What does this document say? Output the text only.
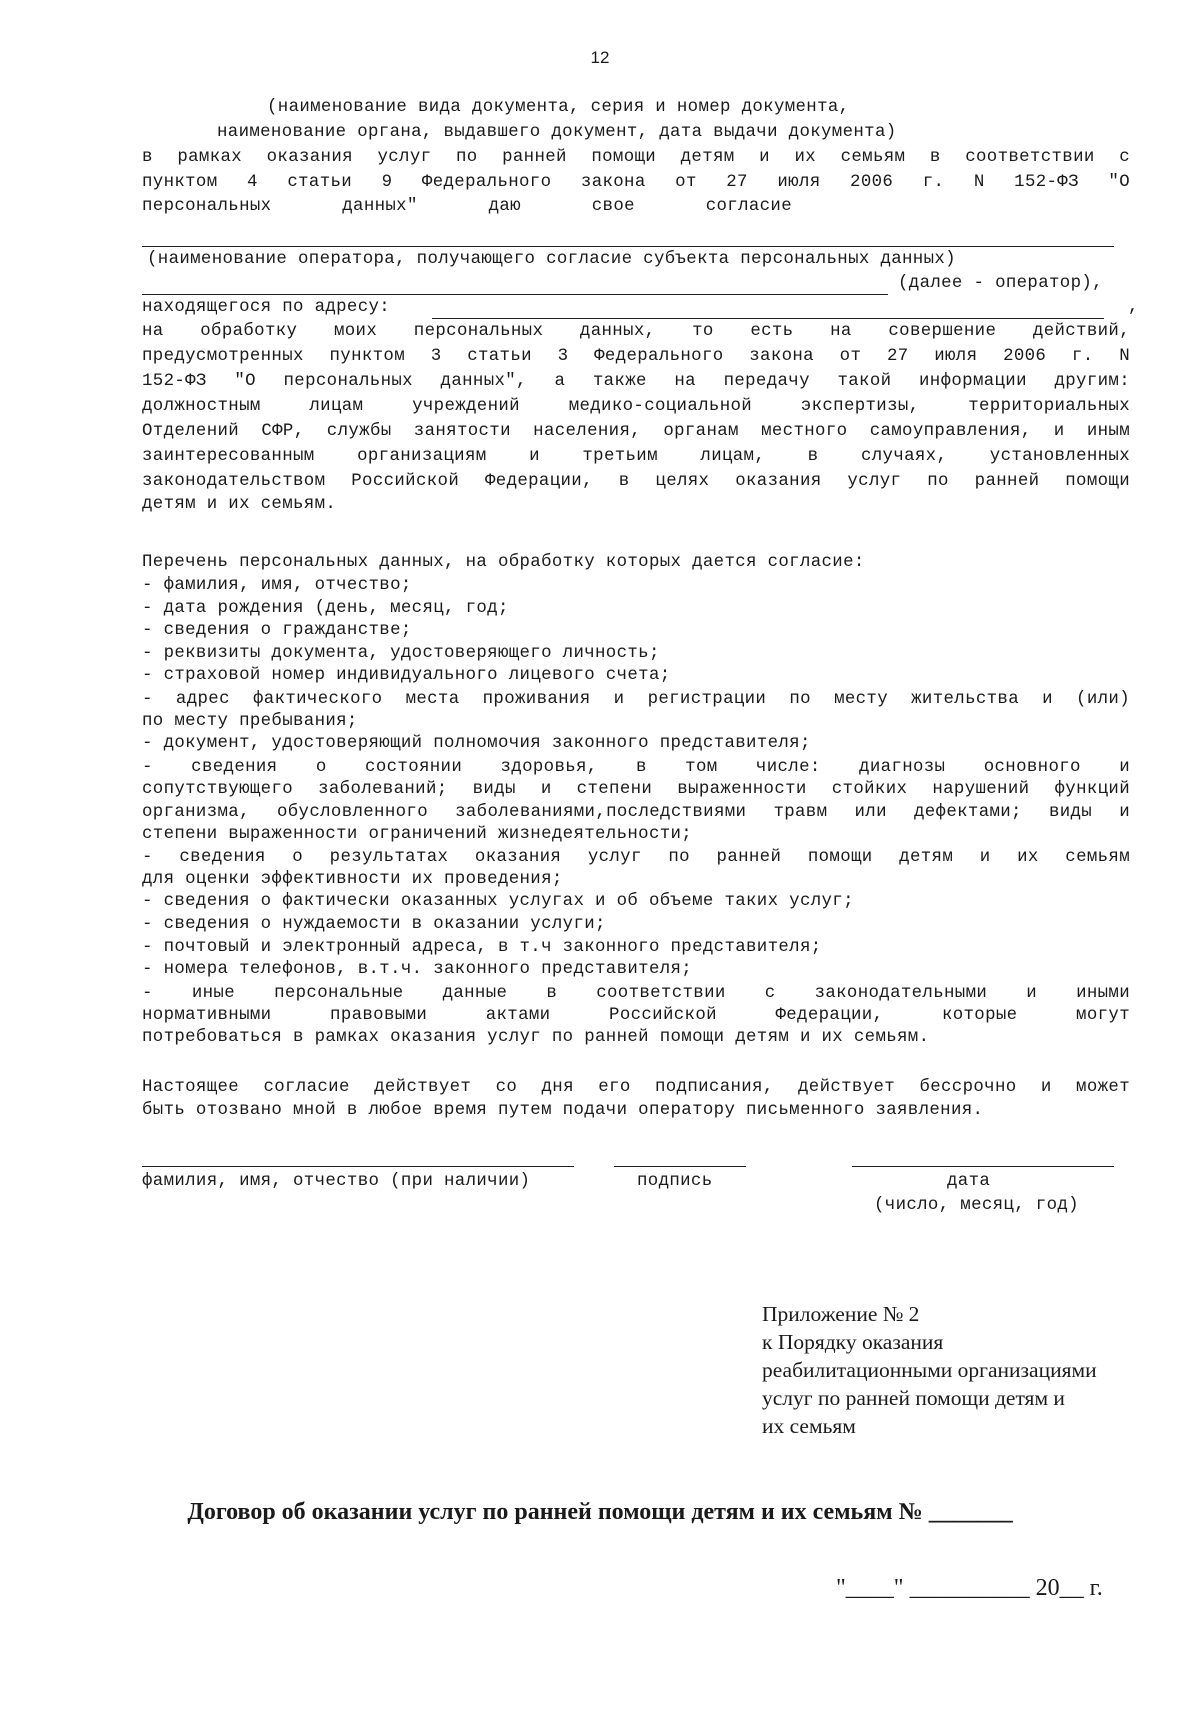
12
(наименование вида документа, серия и номер документа,
наименование органа, выдавшего документ, дата выдачи документа)
в рамках оказания услуг по ранней помощи детям и их семьям в соответствии с
пунктом 4 статьи 9 Федерального закона от 27 июля 2006 г. N 152-ФЗ "О
персональных данных" даю свое согласие
(наименование оператора, получающего согласие субъекта персональных данных)
(далее - оператор),
находящегося по адресу:	,
на обработку моих персональных данных, то есть на совершение действий,
предусмотренных пунктом 3 статьи 3 Федерального закона от 27 июля 2006 г. N
152-ФЗ "О персональных данных", а также на передачу такой информации другим:
должностным лицам учреждений медико-социальной экспертизы, территориальных
Отделений СФР, службы занятости населения, органам местного самоуправления, и иным
заинтересованным организациям и третьим лицам, в случаях, установленных
законодательством Российской Федерации, в целях оказания услуг по ранней помощи
детям и их семьям.
Перечень персональных данных, на обработку которых дается согласие:
- фамилия, имя, отчество;
- дата рождения (день, месяц, год;
- сведения о гражданстве;
- реквизиты документа, удостоверяющего личность;
- страховой номер индивидуального лицевого счета;
- адрес фактического места проживания и регистрации по месту жительства и (или)
по месту пребывания;
- документ, удостоверяющий полномочия законного представителя;
- сведения о состоянии здоровья, в том числе: диагнозы основного и
сопутствующего заболеваний; виды и степени выраженности стойких нарушений функций
организма, обусловленного заболеваниями,последствиями травм или дефектами; виды и
степени выраженности ограничений жизнедеятельности;
- сведения о результатах оказания услуг по ранней помощи детям и их семьям
для оценки эффективности их проведения;
- сведения о фактически оказанных услугах и об объеме таких услуг;
- сведения о нуждаемости в оказании услуги;
- почтовый и электронный адреса, в т.ч законного представителя;
- номера телефонов, в.т.ч. законного представителя;
- иные персональные данные в соответствии с законодательными и иными
нормативными правовыми актами Российской Федерации, которые могут
потребоваться в рамках оказания услуг по ранней помощи детям и их семьям.
Настоящее согласие действует со дня его подписания, действует бессрочно и может
быть отозвано мной в любое время путем подачи оператору письменного заявления.
фамилия, имя, отчество (при наличии)	подпись	дата
(число, месяц, год)
Приложение № 2
к Порядку оказания
реабилитационными организациями
услуг по ранней помощи детям и
их семьям
Договор об оказании услуг по ранней помощи детям и их семьям № _______
"____" __________ 20__ г.
